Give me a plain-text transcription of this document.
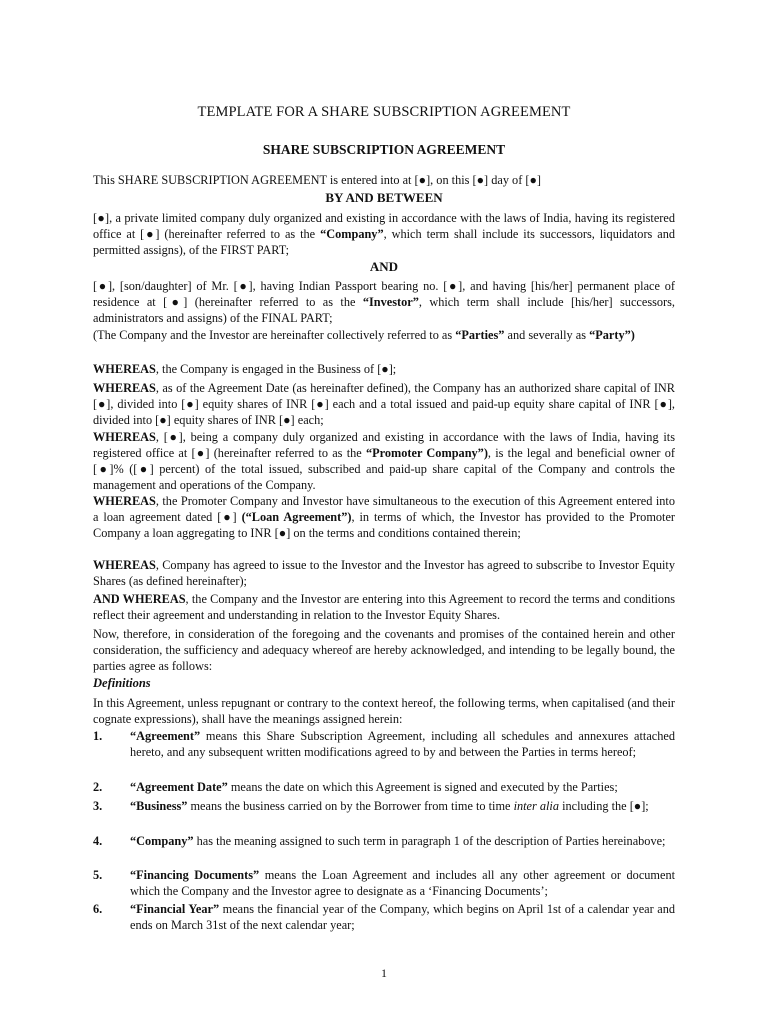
TEMPLATE FOR A SHARE SUBSCRIPTION AGREEMENT
SHARE SUBSCRIPTION AGREEMENT
This SHARE SUBSCRIPTION AGREEMENT is entered into at [●], on this [●] day of [●]
BY AND BETWEEN
[●], a private limited company duly organized and existing in accordance with the laws of India, having its registered office at [●] (hereinafter referred to as the “Company”, which term shall include its successors, liquidators and permitted assigns), of the FIRST PART;
AND
[●], [son/daughter] of Mr. [●], having Indian Passport bearing no. [●], and having [his/her] permanent place of residence at [●] (hereinafter referred to as the “Investor”, which term shall include [his/her] successors, administrators and assigns) of the FINAL PART;
(The Company and the Investor are hereinafter collectively referred to as “Parties” and severally as “Party”)
WHEREAS, the Company is engaged in the Business of [●];
WHEREAS, as of the Agreement Date (as hereinafter defined), the Company has an authorized share capital of INR [●], divided into [●] equity shares of INR [●] each and a total issued and paid-up equity share capital of INR [●], divided into [●] equity shares of INR [●] each;
WHEREAS, [●], being a company duly organized and existing in accordance with the laws of India, having its registered office at [●] (hereinafter referred to as the “Promoter Company”), is the legal and beneficial owner of [●]% ([●] percent) of the total issued, subscribed and paid-up share capital of the Company and controls the management and operations of the Company.
WHEREAS, the Promoter Company and Investor have simultaneous to the execution of this Agreement entered into a loan agreement dated [●] (“Loan Agreement”), in terms of which, the Investor has provided to the Promoter Company a loan aggregating to INR [●] on the terms and conditions contained therein;
WHEREAS, Company has agreed to issue to the Investor and the Investor has agreed to subscribe to Investor Equity Shares (as defined hereinafter);
AND WHEREAS, the Company and the Investor are entering into this Agreement to record the terms and conditions reflect their agreement and understanding in relation to the Investor Equity Shares.
Now, therefore, in consideration of the foregoing and the covenants and promises of the contained herein and other consideration, the sufficiency and adequacy whereof are hereby acknowledged, and intending to be legally bound, the parties agree as follows:
Definitions
In this Agreement, unless repugnant or contrary to the context hereof, the following terms, when capitalised (and their cognate expressions), shall have the meanings assigned herein:
1.	“Agreement” means this Share Subscription Agreement, including all schedules and annexures attached hereto, and any subsequent written modifications agreed to by and between the Parties in terms hereof;
2.	“Agreement Date” means the date on which this Agreement is signed and executed by the Parties;
3.	“Business” means the business carried on by the Borrower from time to time inter alia including the [●];
4.	“Company” has the meaning assigned to such term in paragraph 1 of the description of Parties hereinabove;
5.	“Financing Documents” means the Loan Agreement and includes all any other agreement or document which the Company and the Investor agree to designate as a ‘Financing Documents’;
6.	“Financial Year” means the financial year of the Company, which begins on April 1st of a calendar year and ends on March 31st of the next calendar year;
1
